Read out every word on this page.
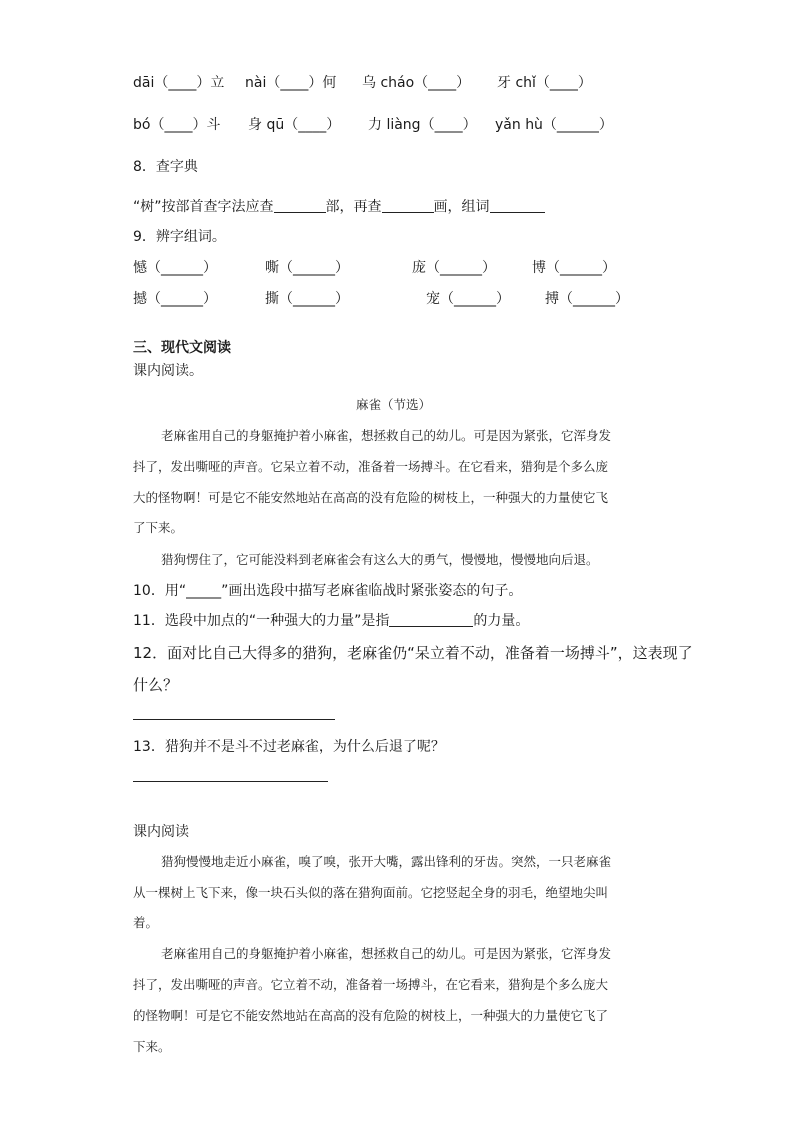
dāi（____）立 nài（____）何 乌 cháo（____） 牙 chǐ（____）
bó（____）斗 身 qū（____） 力 liàng（____） yǎn hù（______）
8．查字典
“树”按部首查字法应查	部，再查	画，组词
9．辨字组词。
憾（______）	嘶（______）	庞（______）	博（______）
撼（______）	撕（______）	宠（______）	搏（______）
三、现代文阅读
课内阅读。
麻雀（节选）
老麻雀用自己的身躯掩护着小麻雀，想拯救自己的幼儿。可是因为紧张，它浑身发
抖了，发出嘶哑的声音。它呆立着不动，准备着一场搏斗。在它看来，猎狗是个多么庞
大的怪物啊！可是它不能安然地站在高高的没有危险的树枝上，一种强大的力量使它飞
了下来。
猎狗愣住了，它可能没料到老麻雀会有这么大的勇气，慢慢地，慢慢地向后退。
10．用“_____”画出选段中描写老麻雀临战时紧张姿态的句子。
11．选段中加点的“一种强大的力量”是指	的力量。
12．面对比自己大得多的猎狗，老麻雀仍“呆立着不动，准备着一场搏斗”，这表现了
什么？
13．猎狗并不是斗不过老麻雀，为什么后退了呢？
课内阅读
猎狗慢慢地走近小麻雀，嗅了嗅，张开大嘴，露出锋利的牙齿。突然，一只老麻雀
从一棵树上飞下来，像一块石头似的落在猎狗面前。它挖竖起全身的羽毛，绝望地尖叫
着。
老麻雀用自己的身躯掩护着小麻雀，想拯救自己的幼儿。可是因为紧张，它浑身发
抖了，发出嘶哑的声音。它立着不动，准备着一场搏斗，在它看来，猎狗是个多么庞大
的怪物啊！可是它不能安然地站在高高的没有危险的树枝上，一种强大的力量使它飞了
下来。
